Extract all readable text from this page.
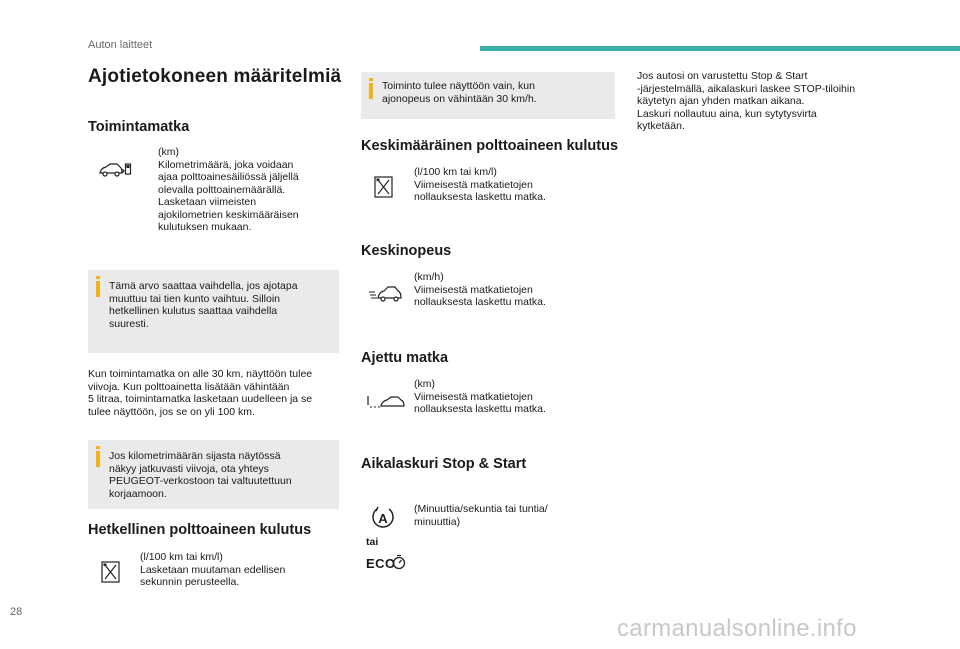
Auton laitteet
Ajotietokoneen määritelmiä
Toimintamatka
(km)
Kilometrimäärä, joka voidaan
ajaa polttoainesäiliössä jäljellä
olevalla polttoainemäärällä.
Lasketaan viimeisten
ajokilometrien keskimääräisen
kulutuksen mukaan.
Tämä arvo saattaa vaihdella, jos ajotapa
muuttuu tai tien kunto vaihtuu. Silloin
hetkellinen kulutus saattaa vaihdella
suuresti.
Kun toimintamatka on alle 30 km, näyttöön tulee
viivoja. Kun polttoainetta lisätään vähintään
5 litraa, toimintamatka lasketaan uudelleen ja se
tulee näyttöön, jos se on yli 100 km.
Jos kilometrimäärän sijasta näytössä
näkyy jatkuvasti viivoja, ota yhteys
PEUGEOT-verkostoon tai valtuutettuun
korjaamoon.
Hetkellinen polttoaineen kulutus
(l/100 km tai km/l)
Lasketaan muutaman edellisen
sekunnin perusteella.
Toiminto tulee näyttöön vain, kun
ajonopeus on vähintään 30 km/h.
Keskimääräinen polttoaineen kulutus
(l/100 km tai km/l)
Viimeisestä matkatietojen
nollauksesta laskettu matka.
Keskinopeus
(km/h)
Viimeisestä matkatietojen
nollauksesta laskettu matka.
Ajettu matka
(km)
Viimeisestä matkatietojen
nollauksesta laskettu matka.
Aikalaskuri Stop & Start
A
tai
ECO
(Minuuttia/sekuntia tai tuntia/
minuuttia)
Jos autosi on varustettu Stop & Start
-järjestelmällä, aikalaskuri laskee STOP-tiloihin
käytetyn ajan yhden matkan aikana.
Laskuri nollautuu aina, kun sytytysvirta
kytketään.
28
carmanualsonline.info
